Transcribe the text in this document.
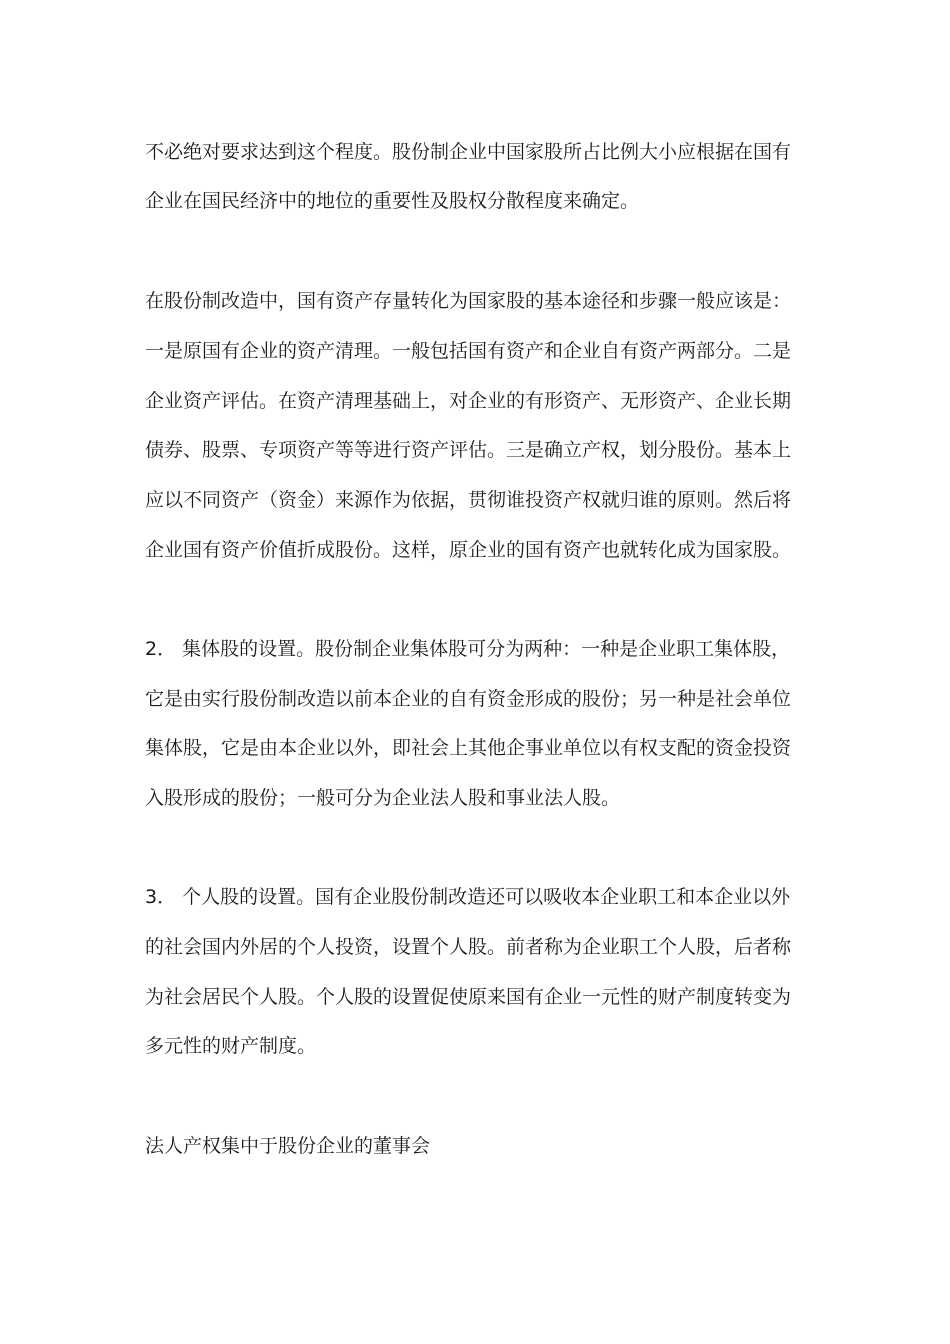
不必绝对要求达到这个程度。股份制企业中国家股所占比例大小应根据在国有
企业在国民经济中的地位的重要性及股权分散程度来确定。
在股份制改造中，国有资产存量转化为国家股的基本途径和步骤一般应该是：
一是原国有企业的资产清理。一般包括国有资产和企业自有资产两部分。二是
企业资产评估。在资产清理基础上，对企业的有形资产、无形资产、企业长期
债券、股票、专项资产等等进行资产评估。三是确立产权，划分股份。基本上
应以不同资产（资金）来源作为依据，贯彻谁投资产权就归谁的原则。然后将
企业国有资产价值折成股份。这样，原企业的国有资产也就转化成为国家股。
2． 集体股的设置。股份制企业集体股可分为两种：一种是企业职工集体股，
它是由实行股份制改造以前本企业的自有资金形成的股份；另一种是社会单位
集体股，它是由本企业以外，即社会上其他企事业单位以有权支配的资金投资
入股形成的股份；一般可分为企业法人股和事业法人股。
3． 个人股的设置。国有企业股份制改造还可以吸收本企业职工和本企业以外
的社会国内外居的个人投资，设置个人股。前者称为企业职工个人股，后者称
为社会居民个人股。个人股的设置促使原来国有企业一元性的财产制度转变为
多元性的财产制度。
法人产权集中于股份企业的董事会
